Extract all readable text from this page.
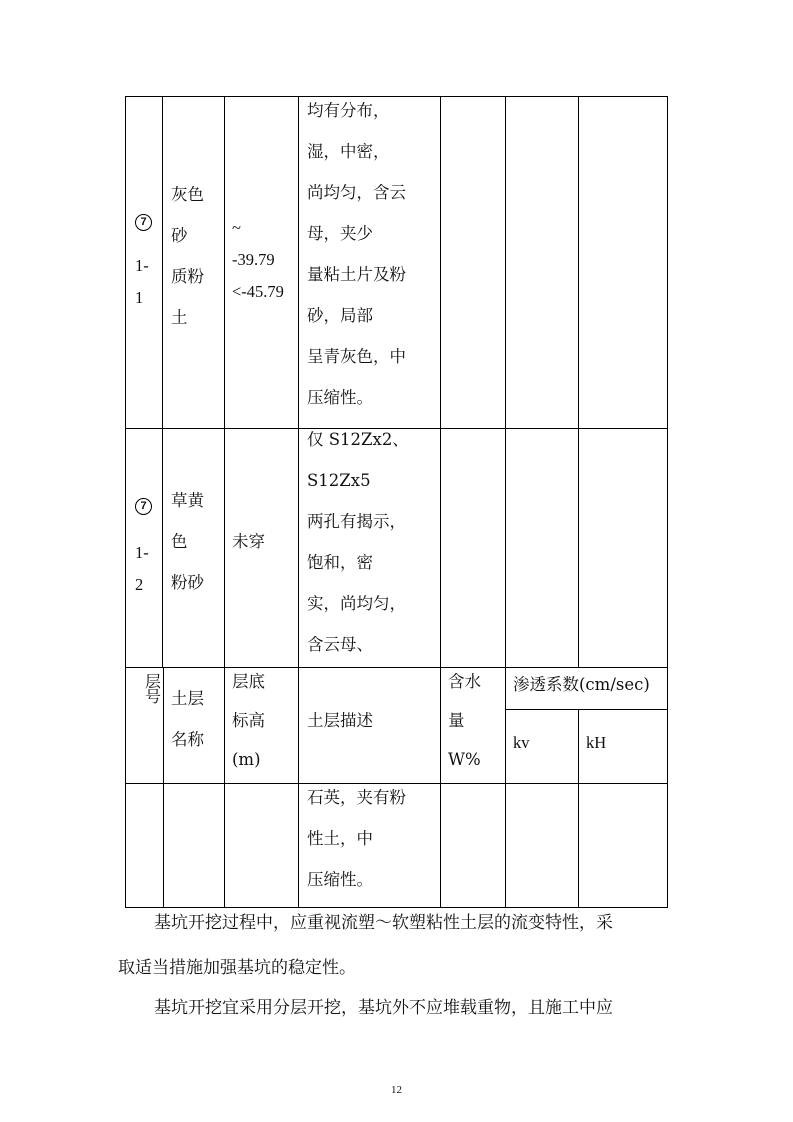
7
1-
1
灰色
砂
质粉
土
~
-39.79
<-45.79
均有分布，
湿，中密，
尚均匀，含云
母，夹少
量粘土片及粉
砂，局部
呈青灰色，中
压缩性。
7
1-
2
草黄
色
粉砂
未穿
仅 S12Zx2、
S12Zx5
两孔有揭示，
饱和，密
实，尚均匀，
含云母、
层
号 土层
名称
层底
标高
(m)
土层描述
含水
量
W%
渗透系数(cm/sec)
kv	kH
石英，夹有粉
性土，中
压缩性。
基坑开挖过程中，应重视流塑～软塑粘性土层的流变特性，采
取适当措施加强基坑的稳定性。
基坑开挖宜采用分层开挖，基坑外不应堆载重物，且施工中应
12
